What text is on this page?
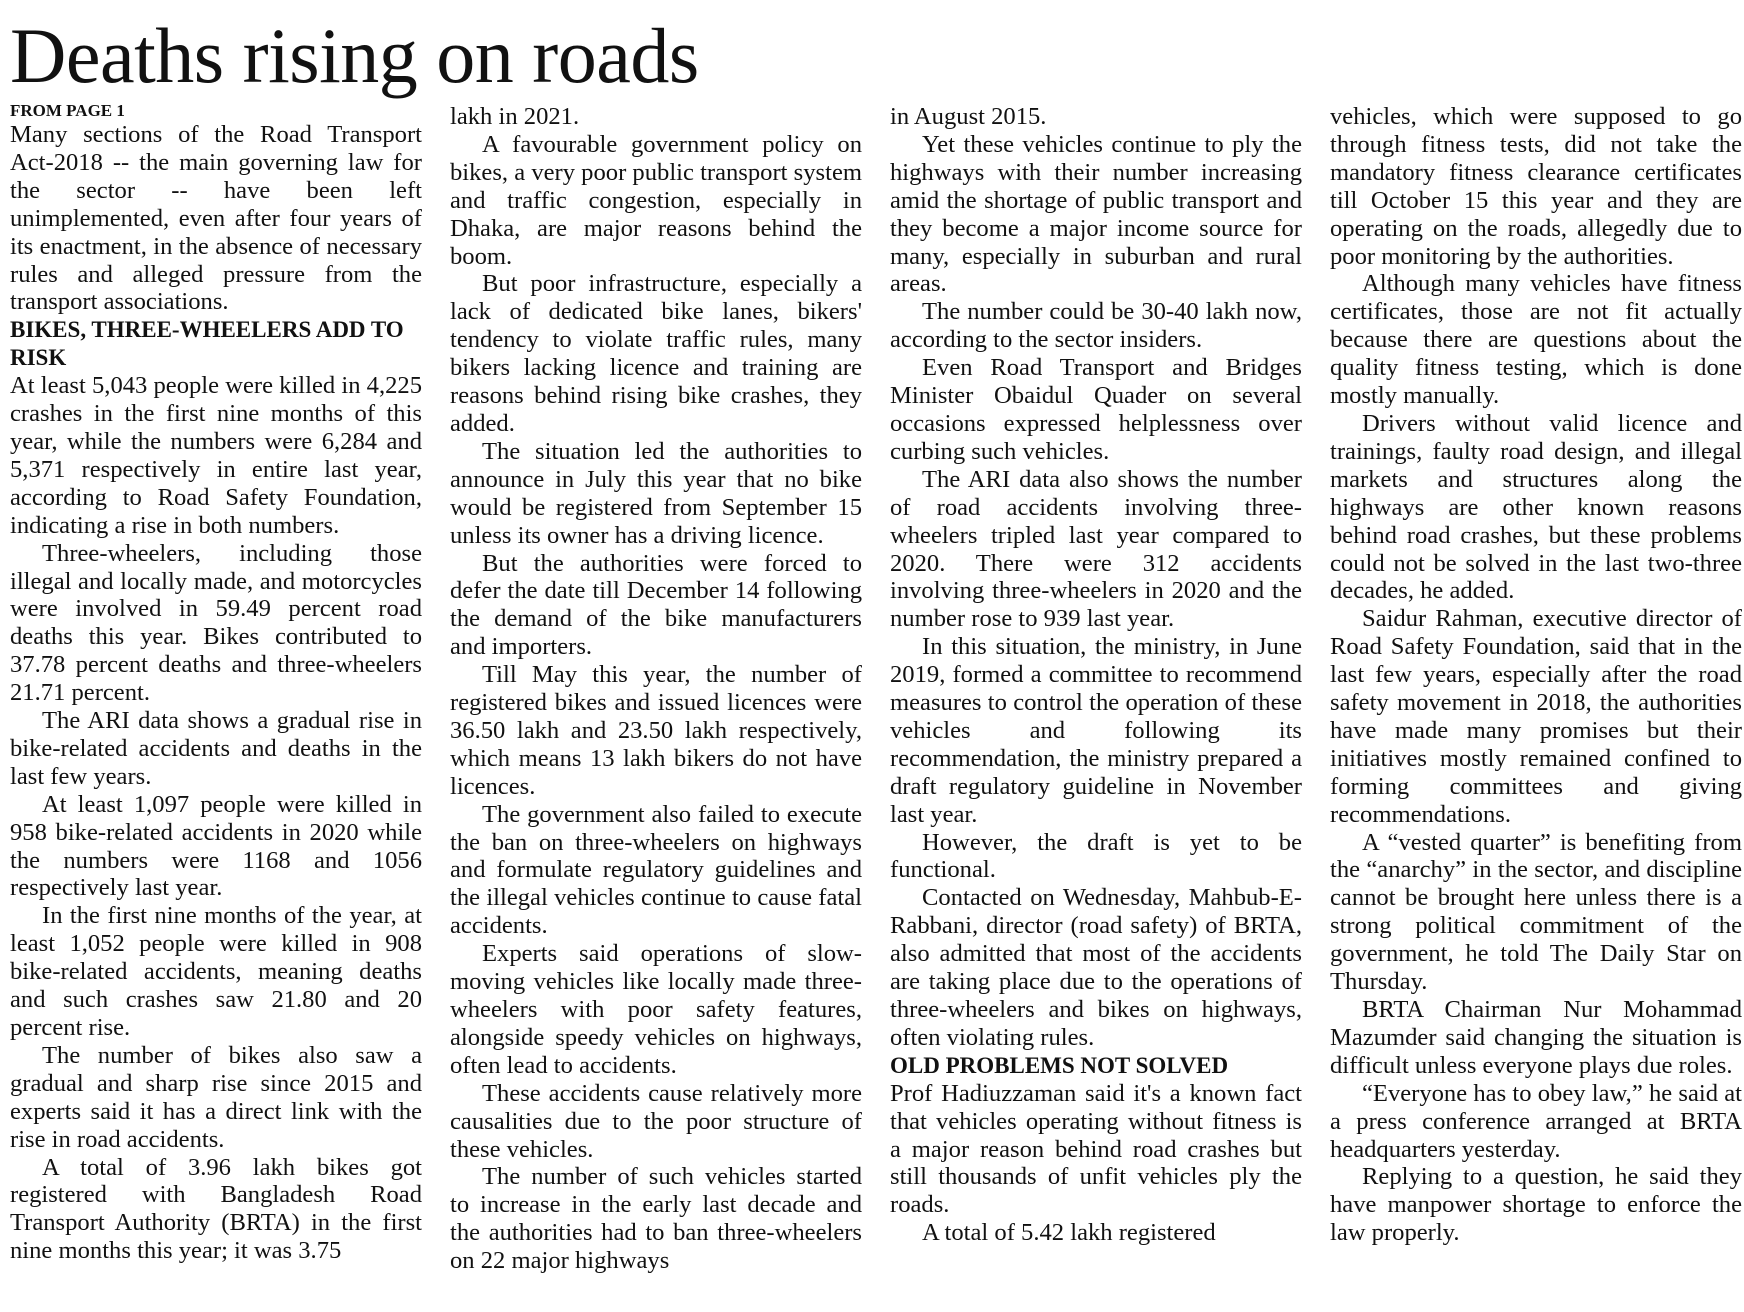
Deaths rising on roads
FROM PAGE 1

Many sections of the Road Transport Act-2018 -- the main governing law for the sector -- have been left unimplemented, even after four years of its enactment, in the absence of necessary rules and alleged pressure from the transport associations.

BIKES, THREE-WHEELERS ADD TO RISK

At least 5,043 people were killed in 4,225 crashes in the first nine months of this year, while the numbers were 6,284 and 5,371 respectively in entire last year, according to Road Safety Foundation, indicating a rise in both numbers.

Three-wheelers, including those illegal and locally made, and motorcycles were involved in 59.49 percent road deaths this year. Bikes contributed to 37.78 percent deaths and three-wheelers 21.71 percent.

The ARI data shows a gradual rise in bike-related accidents and deaths in the last few years.

At least 1,097 people were killed in 958 bike-related accidents in 2020 while the numbers were 1168 and 1056 respectively last year.

In the first nine months of the year, at least 1,052 people were killed in 908 bike-related accidents, meaning deaths and such crashes saw 21.80 and 20 percent rise.

The number of bikes also saw a gradual and sharp rise since 2015 and experts said it has a direct link with the rise in road accidents.

A total of 3.96 lakh bikes got registered with Bangladesh Road Transport Authority (BRTA) in the first nine months this year; it was 3.75

lakh in 2021.

A favourable government policy on bikes, a very poor public transport system and traffic congestion, especially in Dhaka, are major reasons behind the boom.

But poor infrastructure, especially a lack of dedicated bike lanes, bikers' tendency to violate traffic rules, many bikers lacking licence and training are reasons behind rising bike crashes, they added.

The situation led the authorities to announce in July this year that no bike would be registered from September 15 unless its owner has a driving licence.

But the authorities were forced to defer the date till December 14 following the demand of the bike manufacturers and importers.

Till May this year, the number of registered bikes and issued licences were 36.50 lakh and 23.50 lakh respectively, which means 13 lakh bikers do not have licences.

The government also failed to execute the ban on three-wheelers on highways and formulate regulatory guidelines and the illegal vehicles continue to cause fatal accidents.

Experts said operations of slow-moving vehicles like locally made three-wheelers with poor safety features, alongside speedy vehicles on highways, often lead to accidents.

These accidents cause relatively more causalities due to the poor structure of these vehicles.

The number of such vehicles started to increase in the early last decade and the authorities had to ban three-wheelers on 22 major highways

in August 2015.

Yet these vehicles continue to ply the highways with their number increasing amid the shortage of public transport and they become a major income source for many, especially in suburban and rural areas.

The number could be 30-40 lakh now, according to the sector insiders.

Even Road Transport and Bridges Minister Obaidul Quader on several occasions expressed helplessness over curbing such vehicles.

The ARI data also shows the number of road accidents involving three-wheelers tripled last year compared to 2020. There were 312 accidents involving three-wheelers in 2020 and the number rose to 939 last year.

In this situation, the ministry, in June 2019, formed a committee to recommend measures to control the operation of these vehicles and following its recommendation, the ministry prepared a draft regulatory guideline in November last year.

However, the draft is yet to be functional.

Contacted on Wednesday, Mahbub-E-Rabbani, director (road safety) of BRTA, also admitted that most of the accidents are taking place due to the operations of three-wheelers and bikes on highways, often violating rules.

OLD PROBLEMS NOT SOLVED

Prof Hadiuzzaman said it's a known fact that vehicles operating without fitness is a major reason behind road crashes but still thousands of unfit vehicles ply the roads.

A total of 5.42 lakh registered

vehicles, which were supposed to go through fitness tests, did not take the mandatory fitness clearance certificates till October 15 this year and they are operating on the roads, allegedly due to poor monitoring by the authorities.

Although many vehicles have fitness certificates, those are not fit actually because there are questions about the quality fitness testing, which is done mostly manually.

Drivers without valid licence and trainings, faulty road design, and illegal markets and structures along the highways are other known reasons behind road crashes, but these problems could not be solved in the last two-three decades, he added.

Saidur Rahman, executive director of Road Safety Foundation, said that in the last few years, especially after the road safety movement in 2018, the authorities have made many promises but their initiatives mostly remained confined to forming committees and giving recommendations.

A “vested quarter” is benefiting from the “anarchy” in the sector, and discipline cannot be brought here unless there is a strong political commitment of the government, he told The Daily Star on Thursday.

BRTA Chairman Nur Mohammad Mazumder said changing the situation is difficult unless everyone plays due roles.

“Everyone has to obey law,” he said at a press conference arranged at BRTA headquarters yesterday.

Replying to a question, he said they have manpower shortage to enforce the law properly.
